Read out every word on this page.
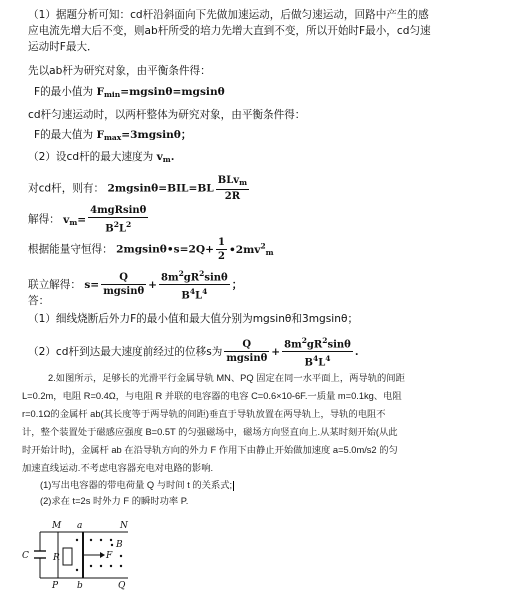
（1）据题分析可知：cd杆沿斜面向下先做加速运动，后做匀速运动，回路中产生的感
应电流先增大后不变，则ab杆所受的培力先增大直到不变，所以开始时F最小，cd匀速
运动时F最大．
先以ab杆为研究对象，由平衡条件得：
F的最小值为 $F_{min}=mgsin\theta=mgsin\theta$
cd杆匀速运动时，以两杆整体为研究对象，由平衡条件得：
F的最大值为 $F_{max}=3mgsin\theta$；
（2）设cd杆的最大速度为 $v_m$.
对cd杆，则有： $2mgsin\theta=BIL=BL \frac{BLv_m}{2R}$
解得： $v_m= \frac{\text{4mgRsinθ}}{B^2L^2}$
根据能量守恒得： 2mgsinθ•s=2Q+ $\frac{1}{2}$ $•2mv^2_m$
联立解得： $s= \frac{Q}{mgsin\theta} + \frac{8m^2gR^2\sin\theta}{B^4L^4}$ ；
答：
（1）细线烧断后外力F的最小值和最大值分别为mgsinθ和3mgsinθ；
（2）cd杆到达最大速度前经过的位移s为 $\frac{Q}{mgsin\theta} + \frac{8m^2gR^2\sin\theta}{B^4L^4}$ .
2.如图所示，足够长的光滑平行金属导轨 MN、PQ 固定在同一水平面上，两导轨的间距
L=0.2m，电阻 R=0.4Ω，与电阻 R 并联的电容器的电容 C=0.6×10-6F.一质量 m=0.1kg、电阻
r=0.1Ω的金属杆 ab(其长度等于两导轨的间距)垂直于导轨放置在两导轨上，导轨的电阻不
计，整个装置处于磁感应强度 B=0.5T 的匀强磁场中，磁场方向竖直向上.从某时刻开始(从此
时开始计时)，金属杆 ab 在沿导轨方向的外力 F 作用下由静止开始做加速度 a=5.0m/s2 的匀
加速直线运动.不考虑电容器充电对电路的影响.
(1)写出电容器的带电荷量 Q 与时间 t 的关系式;
(2)求在 t=2s 时外力 F 的瞬时功率 P.
M a	N
P b	Q
C	R	F
B
